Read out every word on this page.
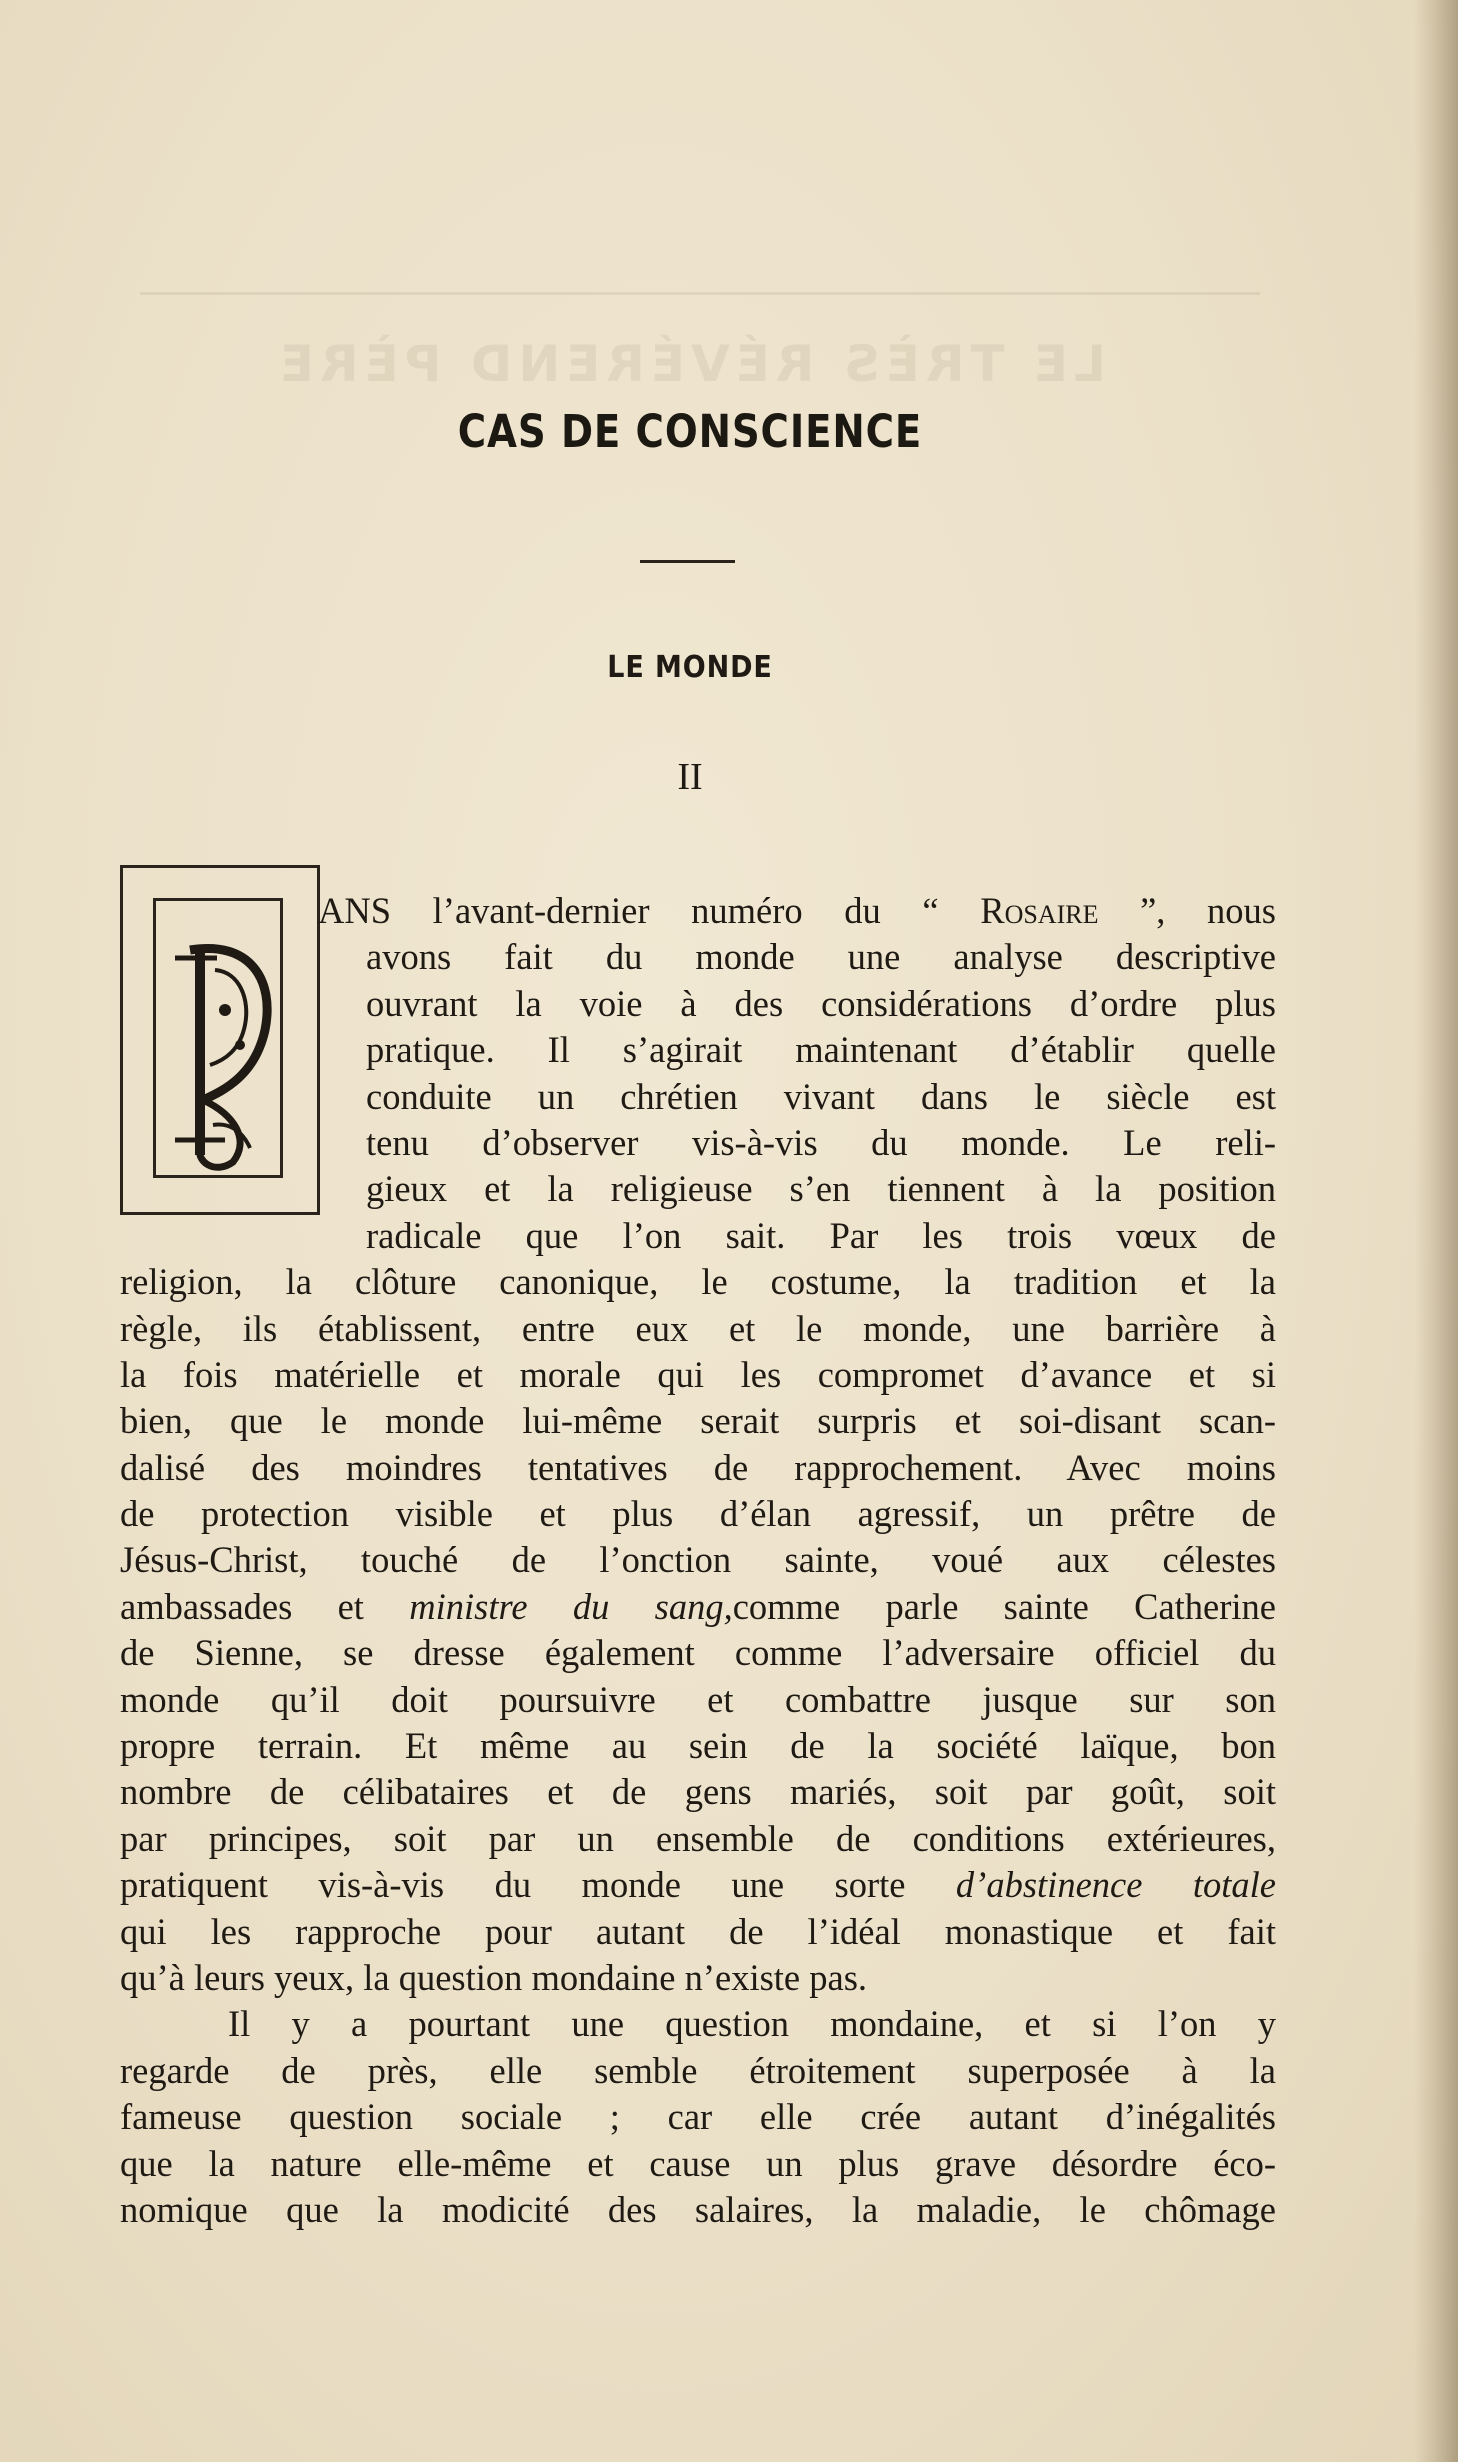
LE TRÈS RÉVÉREND PÈRE
CAS DE CONSCIENCE
LE MONDE
II
ANS l’avant-dernier numéro du “ Rosaire ”, nous
avons fait du monde une analyse descriptive
ouvrant la voie à des considérations d’ordre plus
pratique. Il s’agirait maintenant d’établir quelle
conduite un chrétien vivant dans le siècle est
tenu d’observer vis-à-vis du monde. Le reli-
gieux et la religieuse s’en tiennent à la position
radicale que l’on sait. Par les trois vœux de
religion, la clôture canonique, le costume, la tradition et la
règle, ils établissent, entre eux et le monde, une barrière à
la fois matérielle et morale qui les compromet d’avance et si
bien, que le monde lui-même serait surpris et soi-disant scan-
dalisé des moindres tentatives de rapprochement. Avec moins
de protection visible et plus d’élan agressif, un prêtre de
Jésus-Christ, touché de l’onction sainte, voué aux célestes
ambassades et ministre du sang,comme parle sainte Catherine
de Sienne, se dresse également comme l’adversaire officiel du
monde qu’il doit poursuivre et combattre jusque sur son
propre terrain. Et même au sein de la société laïque, bon
nombre de célibataires et de gens mariés, soit par goût, soit
par principes, soit par un ensemble de conditions extérieures,
pratiquent vis-à-vis du monde une sorte d’abstinence totale
qui les rapproche pour autant de l’idéal monastique et fait
qu’à leurs yeux, la question mondaine n’existe pas.
Il y a pourtant une question mondaine, et si l’on y
regarde de près, elle semble étroitement superposée à la
fameuse question sociale ; car elle crée autant d’inégalités
que la nature elle-même et cause un plus grave désordre éco-
nomique que la modicité des salaires, la maladie, le chômage
